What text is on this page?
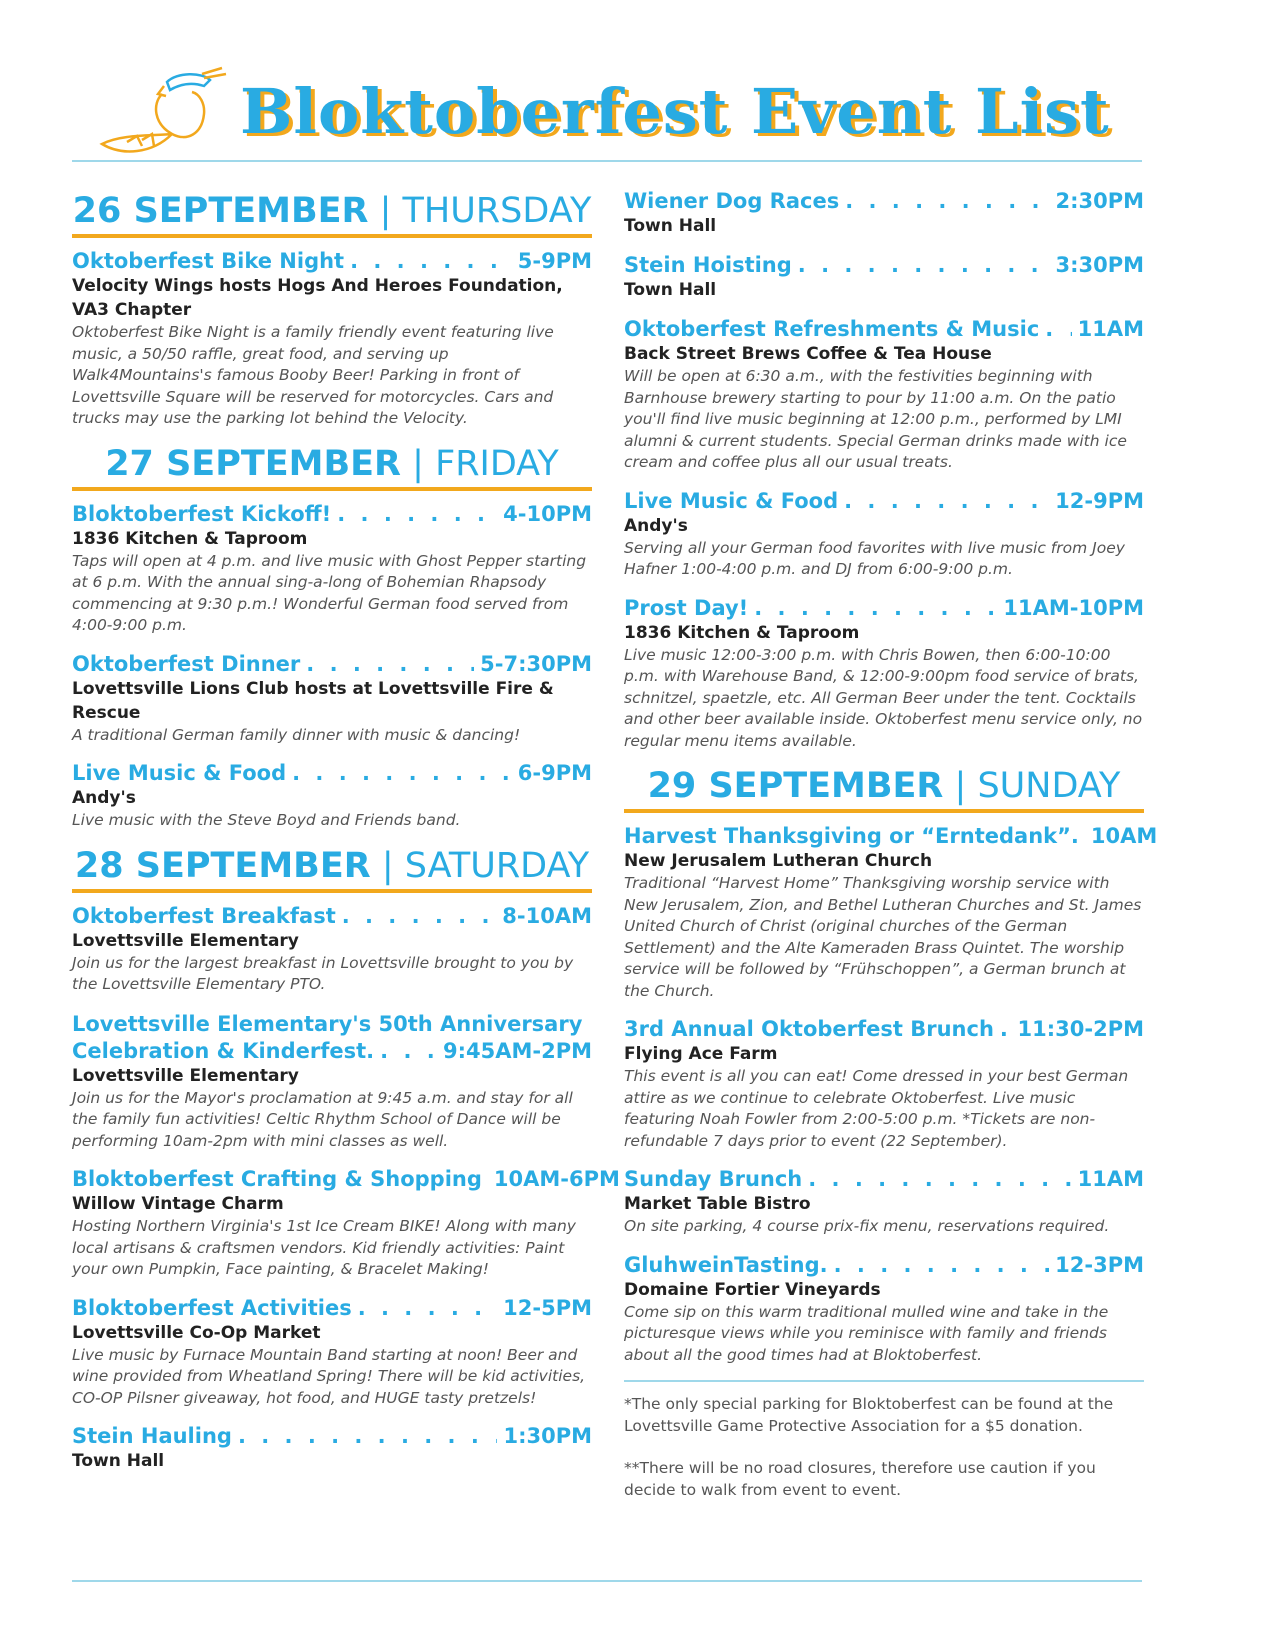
Bloktoberfest Event List
26 SEPTEMBER | THURSDAY
Oktoberfest Bike Night . . .	5-9PM
Velocity Wings hosts Hogs And Heroes Foundation, VA3 Chapter
Oktoberfest Bike Night is a family friendly event featuring live music, a 50/50 raffle, great food, and serving up Walk4Mountains's famous Booby Beer! Parking in front of Lovettsville Square will be reserved for motorcycles. Cars and trucks may use the parking lot behind the Velocity.
27 SEPTEMBER | FRIDAY
Bloktoberfest Kickoff! . . .	4-10PM
1836 Kitchen & Taproom
Taps will open at 4 p.m. and live music with Ghost Pepper starting at 6 p.m. With the annual sing-a-long of Bohemian Rhapsody commencing at 9:30 p.m.! Wonderful German food served from 4:00-9:00 p.m.
Oktoberfest Dinner . . .	5-7:30PM
Lovettsville Lions Club hosts at Lovettsville Fire & Rescue
A traditional German family dinner with music & dancing!
Live Music & Food . . .	6-9PM
Andy's
Live music with the Steve Boyd and Friends band.
28 SEPTEMBER | SATURDAY
Oktoberfest Breakfast . . .	8-10AM
Lovettsville Elementary
Join us for the largest breakfast in Lovettsville brought to you by the Lovettsville Elementary PTO.
Lovettsville Elementary's 50th Anniversary
Celebration & Kinderfest. . . .	9:45AM-2PM
Lovettsville Elementary
Join us for the Mayor's proclamation at 9:45 a.m. and stay for all the family fun activities! Celtic Rhythm School of Dance will be performing 10am-2pm with mini classes as well.
Bloktoberfest Crafting & Shopping 10AM-6PM
Willow Vintage Charm
Hosting Northern Virginia's 1st Ice Cream BIKE! Along with many local artisans & craftsmen vendors. Kid friendly activities: Paint your own Pumpkin, Face painting, & Bracelet Making!
Bloktoberfest Activities . . .	12-5PM
Lovettsville Co-Op Market
Live music by Furnace Mountain Band starting at noon! Beer and wine provided from Wheatland Spring! There will be kid activities, CO-OP Pilsner giveaway, hot food, and HUGE tasty pretzels!
Stein Hauling . . .	1:30PM
Town Hall
Wiener Dog Races . . .	2:30PM
Town Hall
Stein Hoisting . . .	3:30PM
Town Hall
Oktoberfest Refreshments & Music . . . 11AM
Back Street Brews Coffee & Tea House
Will be open at 6:30 a.m., with the festivities beginning with Barnhouse brewery starting to pour by 11:00 a.m. On the patio you'll find live music beginning at 12:00 p.m., performed by LMI alumni & current students. Special German drinks made with ice cream and coffee plus all our usual treats.
Live Music & Food . . .	12-9PM
Andy's
Serving all your German food favorites with live music from Joey Hafner 1:00-4:00 p.m. and DJ from 6:00-9:00 p.m.
Prost Day! . . .	11AM-10PM
1836 Kitchen & Taproom
Live music 12:00-3:00 p.m. with Chris Bowen, then 6:00-10:00 p.m. with Warehouse Band, & 12:00-9:00pm food service of brats, schnitzel, spaetzle, etc. All German Beer under the tent. Cocktails and other beer available inside. Oktoberfest menu service only, no regular menu items available.
29 SEPTEMBER | SUNDAY
Harvest Thanksgiving or “Erntedank”. 10AM
New Jerusalem Lutheran Church
Traditional “Harvest Home” Thanksgiving worship service with New Jerusalem, Zion, and Bethel Lutheran Churches and St. James United Church of Christ (original churches of the German Settlement) and the Alte Kameraden Brass Quintet. The worship service will be followed by “Frühschoppen”, a German brunch at the Church.
3rd Annual Oktoberfest Brunch . . . 11:30-2PM
Flying Ace Farm
This event is all you can eat! Come dressed in your best German attire as we continue to celebrate Oktoberfest. Live music featuring Noah Fowler from 2:00-5:00 p.m. *Tickets are non-refundable 7 days prior to event (22 September).
Sunday Brunch . . .	11AM
Market Table Bistro
On site parking, 4 course prix-fix menu, reservations required.
GluhweinTasting. . . .	12-3PM
Domaine Fortier Vineyards
Come sip on this warm traditional mulled wine and take in the picturesque views while you reminisce with family and friends about all the good times had at Bloktoberfest.
*The only special parking for Bloktoberfest can be found at the Lovettsville Game Protective Association for a $5 donation.
**There will be no road closures, therefore use caution if you decide to walk from event to event.
